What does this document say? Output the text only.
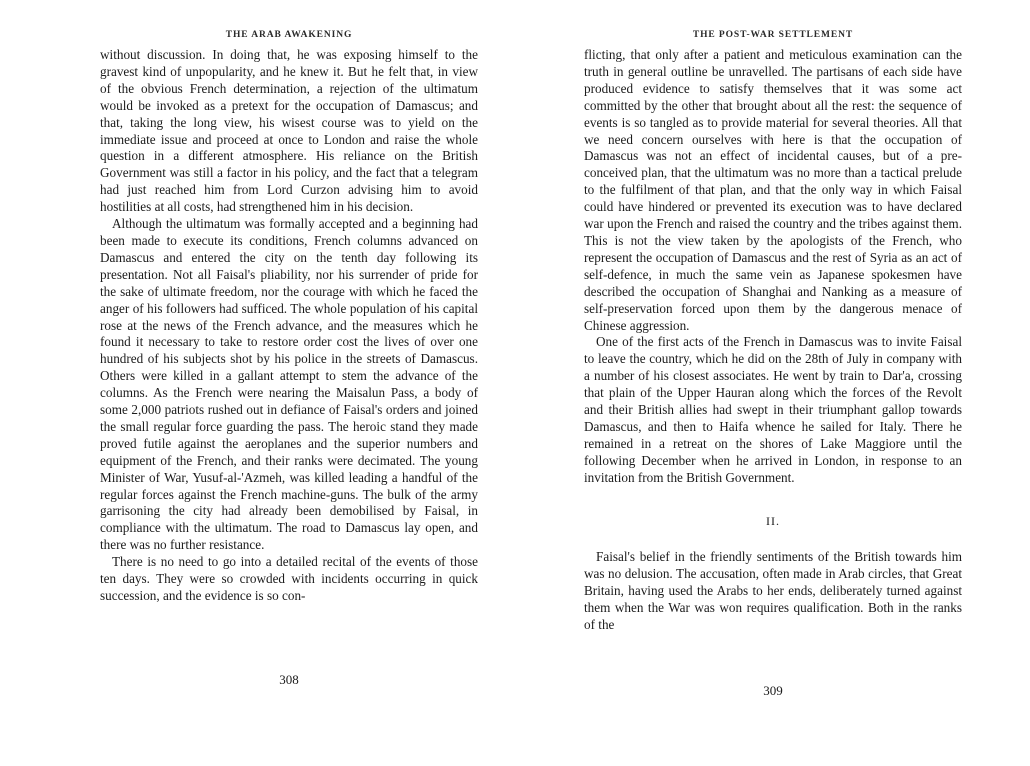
THE ARAB AWAKENING

without discussion. In doing that, he was exposing himself to the gravest kind of unpopularity, and he knew it. But he felt that, in view of the obvious French determination, a rejection of the ultimatum would be invoked as a pretext for the occupation of Damascus; and that, taking the long view, his wisest course was to yield on the immediate issue and proceed at once to London and raise the whole question in a different atmosphere. His reliance on the British Government was still a factor in his policy, and the fact that a telegram had just reached him from Lord Curzon advising him to avoid hostilities at all costs, had strengthened him in his decision.

Although the ultimatum was formally accepted and a beginning had been made to execute its conditions, French columns advanced on Damascus and entered the city on the tenth day following its presentation. Not all Faisal's pliability, nor his surrender of pride for the sake of ultimate freedom, nor the courage with which he faced the anger of his followers had sufficed. The whole population of his capital rose at the news of the French advance, and the measures which he found it necessary to take to restore order cost the lives of over one hundred of his subjects shot by his police in the streets of Damascus. Others were killed in a gallant attempt to stem the advance of the columns. As the French were nearing the Maisalun Pass, a body of some 2,000 patriots rushed out in defiance of Faisal's orders and joined the small regular force guarding the pass. The heroic stand they made proved futile against the aeroplanes and the superior numbers and equipment of the French, and their ranks were decimated. The young Minister of War, Yusuf-al-'Azmeh, was killed leading a handful of the regular forces against the French machine-guns. The bulk of the army garrisoning the city had already been demobilised by Faisal, in compliance with the ultimatum. The road to Damascus lay open, and there was no further resistance.

There is no need to go into a detailed recital of the events of those ten days. They were so crowded with incidents occurring in quick succession, and the evidence is so con-

308
THE POST-WAR SETTLEMENT

flicting, that only after a patient and meticulous examination can the truth in general outline be unravelled. The partisans of each side have produced evidence to satisfy themselves that it was some act committed by the other that brought about all the rest: the sequence of events is so tangled as to provide material for several theories. All that we need concern ourselves with here is that the occupation of Damascus was not an effect of incidental causes, but of a pre-conceived plan, that the ultimatum was no more than a tactical prelude to the fulfilment of that plan, and that the only way in which Faisal could have hindered or prevented its execution was to have declared war upon the French and raised the country and the tribes against them. This is not the view taken by the apologists of the French, who represent the occupation of Damascus and the rest of Syria as an act of self-defence, in much the same vein as Japanese spokesmen have described the occupation of Shanghai and Nanking as a measure of self-preservation forced upon them by the dangerous menace of Chinese aggression.

One of the first acts of the French in Damascus was to invite Faisal to leave the country, which he did on the 28th of July in company with a number of his closest associates. He went by train to Dar'a, crossing that plain of the Upper Hauran along which the forces of the Revolt and their British allies had swept in their triumphant gallop towards Damascus, and then to Haifa whence he sailed for Italy. There he remained in a retreat on the shores of Lake Maggiore until the following December when he arrived in London, in response to an invitation from the British Government.

II.

Faisal's belief in the friendly sentiments of the British towards him was no delusion. The accusation, often made in Arab circles, that Great Britain, having used the Arabs to her ends, deliberately turned against them when the War was won requires qualification. Both in the ranks of the

309
